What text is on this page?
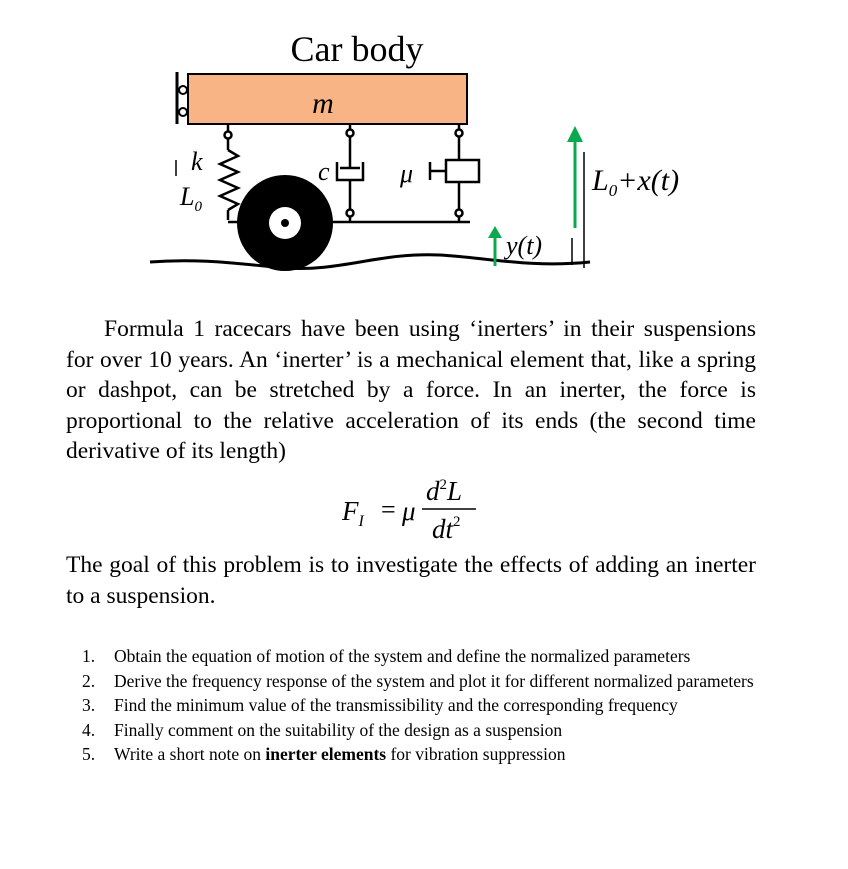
Car body
m
k
$L_0$
c	μ
y(t)
$L_0+x(t)$

Formula 1 racecars have been using ‘inerters’ in their suspensions for over 10 years. An ‘inerter’ is a mechanical element that, like a spring or dashpot, can be stretched by a force. In an inerter, the force is proportional to the relative acceleration of its ends (the second time derivative of its length)

$F_I = \mu$
$d^2L$
$dt^2$

The goal of this problem is to investigate the effects of adding an inerter to a suspension.

1. Obtain the equation of motion of the system and define the normalized parameters
2. Derive the frequency response of the system and plot it for different normalized parameters
3. Find the minimum value of the transmissibility and the corresponding frequency
4. Finally comment on the suitability of the design as a suspension
5. Write a short note on inerter elements for vibration suppression
